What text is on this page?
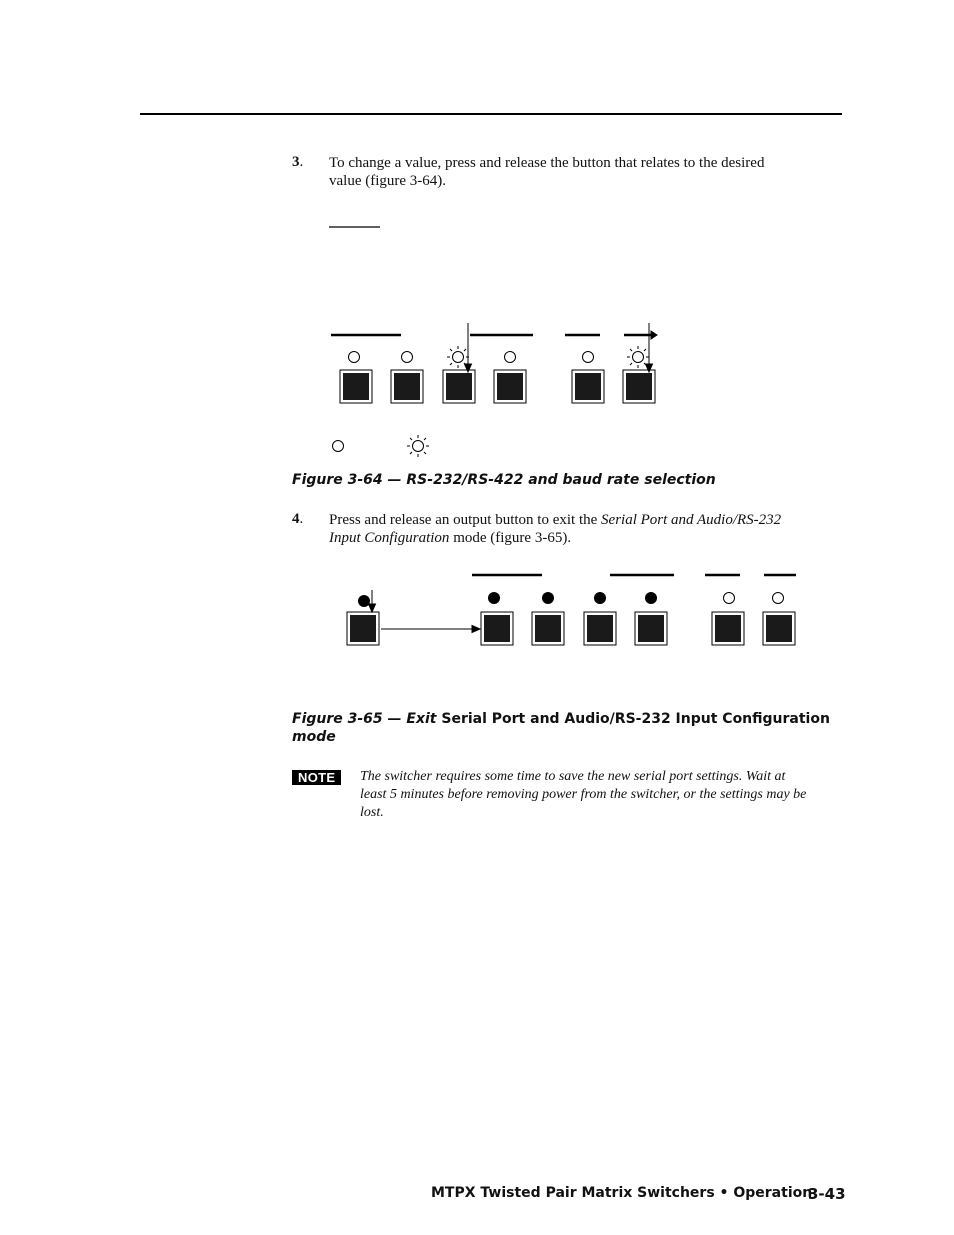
3. To change a value, press and release the button that relates to the desired
value (figure 3-64).
Figure 3-64 — RS-232/RS-422 and baud rate selection
4. Press and release an output button to exit the Serial Port and Audio/RS-232
Input Configuration mode (figure 3-65).
Figure 3-65 — Exit Serial Port and Audio/RS-232 Input Configuration
mode
NOTE	The switcher requires some time to save the new serial port settings. Wait at
least 5 minutes before removing power from the switcher, or the settings may be
lost.
MTPX Twisted Pair Matrix Switchers • Operation
3-43
